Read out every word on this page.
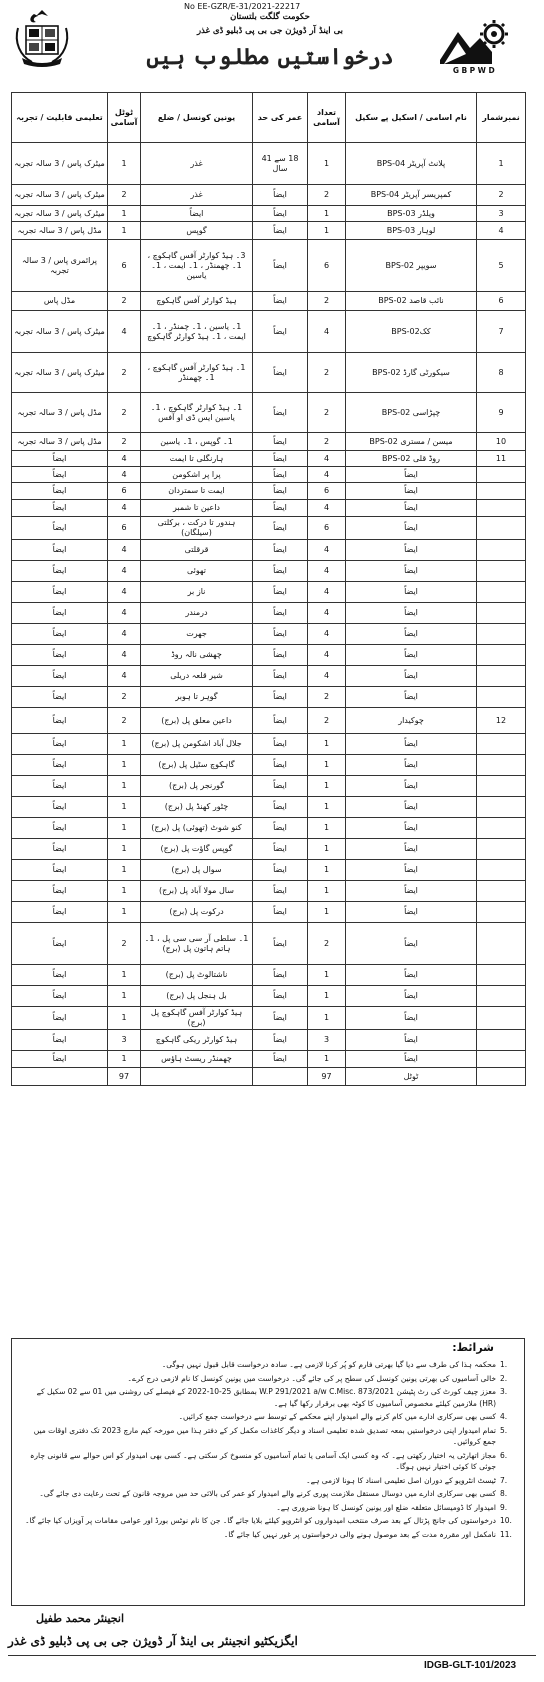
No EE-GZR/E-31/2021-22217
حکومت گلگت بلتستان
بی اینڈ آر ڈویژن جی بی پی ڈبلیو ڈی غذر
درخواستیں مطلوب ہیں
GBPWD
تعلیمی قابلیت / تجربہ	ٹوٹل آسامی	یونین کونسل / ضلع	عمر کی حد	تعداد آسامی	نام اسامی / اسکیل پے سکیل	نمبرشمار
میٹرک پاس / 3 سالہ تجربہ	1	غذر	18 سے 41 سال	1	پلانٹ آپریٹر BPS-04	1
میٹرک پاس / 3 سالہ تجربہ	2	غذر	ایضاً	2	کمپریسر آپریٹر BPS-04	2
میٹرک پاس / 3 سالہ تجربہ	1	ایضاً	ایضاً	1	ویلڈر BPS-03	3
مڈل پاس / 3 سالہ تجربہ	1	گوپس	ایضاً	1	لوہار BPS-03	4
پرائمری پاس / 3 سالہ تجربہ	6	3۔ ہیڈ کوارٹر آفس گاہکوچ ، 1۔ چھمنڈر ، 1۔ ایمت ، 1۔ یاسین	ایضاً	6	سویپر BPS-02	5
مڈل پاس	2	ہیڈ کوارٹر آفس گاہکوچ	ایضاً	2	نائب قاصد BPS-02	6
میٹرک پاس / 3 سالہ تجربہ	4	1۔ یاسین ، 1۔ چمنڈر ، 1۔ ایمت ، 1۔ ہیڈ کوارٹر گاہکوچ	ایضاً	4	ککBPS-02	7
میٹرک پاس / 3 سالہ تجربہ	2	1۔ ہیڈ کوارٹر آفس گاہکوچ ، 1۔ چھمنڈر	ایضاً	2	سیکورٹی گارڈ BPS-02	8
مڈل پاس / 3 سالہ تجربہ	2	1۔ ہیڈ کوارٹر گاہکوچ ، 1۔ یاسین ایس ڈی او آفس	ایضاً	2	چپڑاسی BPS-02	9
مڈل پاس / 3 سالہ تجربہ	2	1۔ گوپس ، 1۔ یاسین	ایضاً	2	میسن / مستری BPS-02	10
ایضاً	4	ہارنگلی تا ایمت	ایضاً	4	روڈ قلی BPS-02	11
ایضاً	4	پرا پر اشکومن	ایضاً	4	ایضاً	
ایضاً	6	ایمت تا سمتردان	ایضاً	6	ایضاً	
ایضاً	4	داعین تا شمبر	ایضاً	4	ایضاً	
ایضاً	6	ہندور تا درکت ، برکلتی (سیلگان)	ایضاً	6	ایضاً	
ایضاً	4	قرقلتی	ایضاً	4	ایضاً	
ایضاً	4	تھوئی	ایضاً	4	ایضاً	
ایضاً	4	ناز بر	ایضاً	4	ایضاً	
ایضاً	4	درمندر	ایضاً	4	ایضاً	
ایضاً	4	جھرت	ایضاً	4	ایضاً	
ایضاً	4	چھشی نالہ روڈ	ایضاً	4	ایضاً	
ایضاً	4	شیر قلعہ دریلی	ایضاً	4	ایضاً	
ایضاً	2	گوہر تا ہوبر	ایضاً	2	ایضاً	
ایضاً	2	داعین معلق پل (برج)	ایضاً	2	چوکیدار	12
ایضاً	1	جلال آباد اشکومن پل (برج)	ایضاً	1	ایضاً	
ایضاً	1	گاہکوچ سٹیل پل (برج)	ایضاً	1	ایضاً	
ایضاً	1	گورنجر پل (برج)	ایضاً	1	ایضاً	
ایضاً	1	چٹور کھنڈ پل (برج)	ایضاً	1	ایضاً	
ایضاً	1	کنو شوٹ (تھوئی) پل (برج)	ایضاً	1	ایضاً	
ایضاً	1	گوپس گاؤت پل (برج)	ایضاً	1	ایضاً	
ایضاً	1	سوال پل (برج)	ایضاً	1	ایضاً	
ایضاً	1	سال مولا آباد پل (برج)	ایضاً	1	ایضاً	
ایضاً	1	درکوت پل (برج)	ایضاً	1	ایضاً	
ایضاً	2	1۔ سلطی آر سی سی پل ، 1۔ ہاتم ہاتون پل (برج)	ایضاً	2	ایضاً	
ایضاً	1	ناشتالوٹ پل (برج)	ایضاً	1	ایضاً	
ایضاً	1	بل ہنجل پل (برج)	ایضاً	1	ایضاً	
ایضاً	1	ہیڈ کوارٹر آفس گاہکوچ پل (برج)	ایضاً	1	ایضاً	
ایضاً	3	ہیڈ کوارٹر ریکی گاہکوچ	ایضاً	3	ایضاً	
ایضاً	1	چھمنڈر ریسٹ ہاؤس	ایضاً	1	ایضاً	
	97			97	ٹوٹل	
شرائط:
1.
محکمہ ہذا کی طرف سے دیا گیا بھرتی فارم کو پُر کرنا لازمی ہے۔ سادہ درخواست قابل قبول نہیں ہوگی۔
2.
خالی آسامیوں کی بھرتی یونین کونسل کی سطح پر کی جائے گی۔ درخواست میں یونین کونسل کا نام لازمی درج کرے۔
3.
معزز چیف کورٹ کی رٹ پٹیشن W.P 291/2021 a/w C.Misc. 873/2021 بمطابق 25-10-2022 کے فیصلے کی روشنی میں 01 سے 02 سکیل کے (HR) ملازمین کیلئے مخصوص آسامیوں کا کوٹہ بھی برقرار رکھا گیا ہے۔
4.
کسی بھی سرکاری ادارے میں کام کرنے والے امیدوار اپنے محکمے کے توسط سے درخواست جمع کرائیں۔
5.
تمام امیدوار اپنی درخواستیں بمعہ تصدیق شدہ تعلیمی اسناد و دیگر کاغذات مکمل کر کے دفتر ہذا میں مورخہ کیم مارچ 2023 تک دفتری اوقات میں جمع کروائیں۔
6.
مجاز اتھارٹی یہ اختیار رکھتی ہے۔ کہ وہ کسی ایک آسامی یا تمام آسامیوں کو منسوخ کر سکتی ہے۔ کسی بھی امیدوار کو اس حوالے سے قانونی چارہ جوئی کا کوئی اختیار نہیں ہوگا۔
7.
ٹیسٹ انٹرویو کے دوران اصل تعلیمی اسناد کا ہونا لازمی ہے۔
8.
کسی بھی سرکاری ادارے میں دوسال مستقل ملازمت پوری کرنے والے امیدوار کو عمر کی بالائی حد میں مروجہ قانون کے تحت رعایت دی جائے گی۔
9.
امیدوار کا ڈومیسائل متعلقہ ضلع اور یونین کونسل کا ہونا ضروری ہے۔
10.
درخواستوں کی جانچ پڑتال کے بعد صرف منتخب امیدواروں کو انٹرویو کیلئے بلایا جائے گا۔ جن کا نام نوٹس بورڈ اور عوامی مقامات پر آویزاں کیا جائے گا۔
11.
نامکمل اور مقررہ مدت کے بعد موصول ہونے والی درخواستوں پر غور نہیں کیا جائے گا۔
انجینئر محمد طفیل
ایگزیکٹیو انجینئر بی اینڈ آر ڈویژن جی بی پی ڈبلیو ڈی غذر
IDGB-GLT-101/2023
